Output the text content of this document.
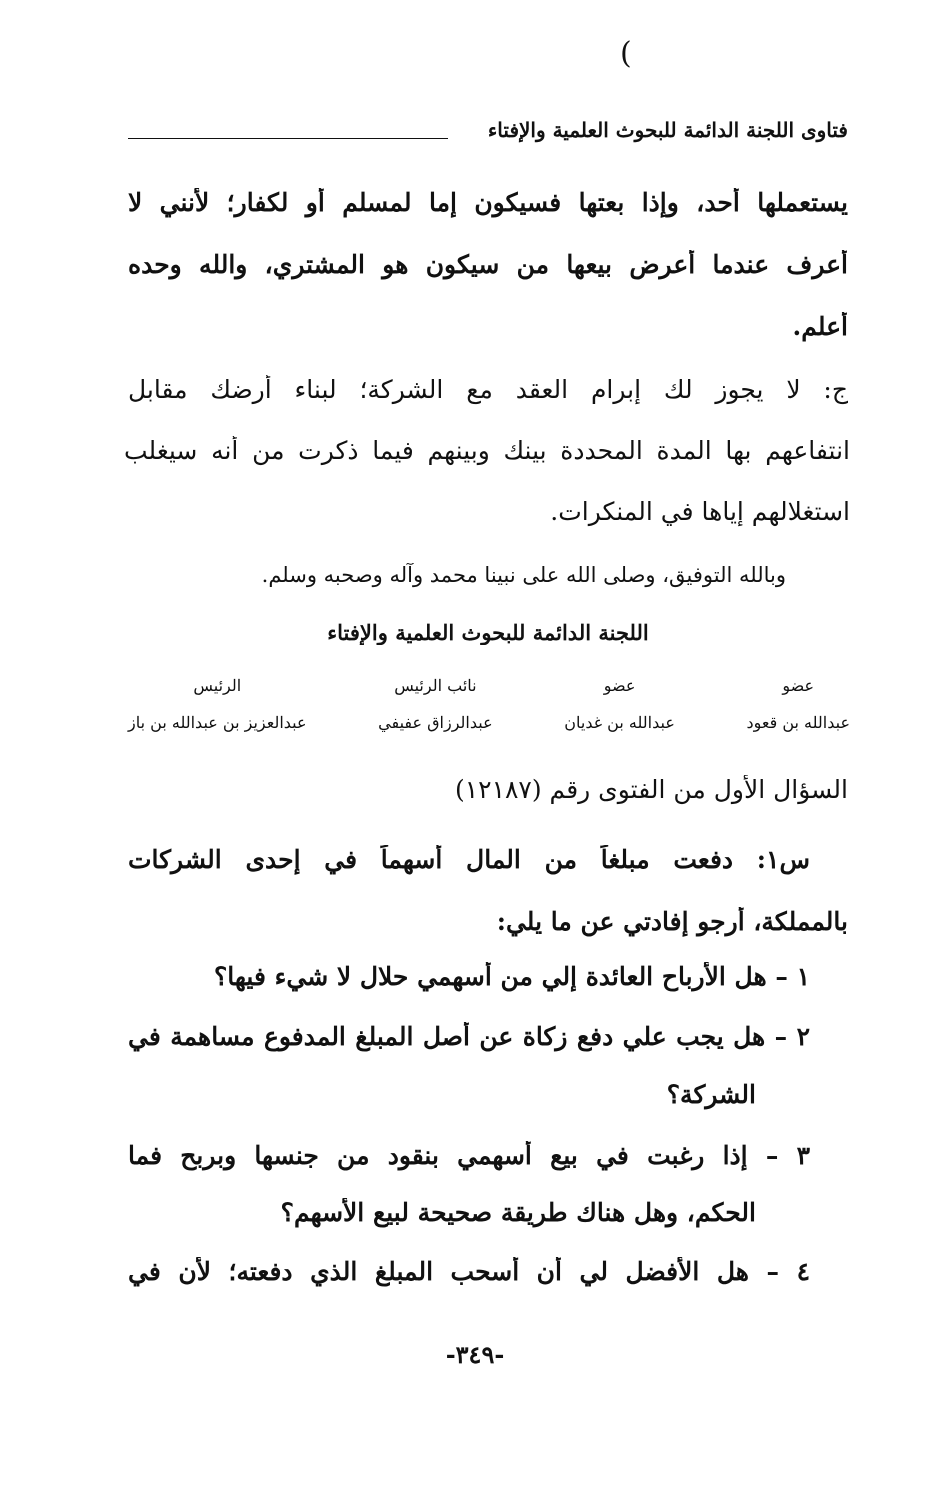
(
فتاوى اللجنة الدائمة للبحوث العلمية والإفتاء
يستعملها أحد، وإذا بعتها فسيكون إما لمسلم أو لكفار؛ لأنني لا
أعرف عندما أعرض بيعها من سيكون هو المشتري، والله وحده
أعلم.
ج: لا يجوز لك إبرام العقد مع الشركة؛ لبناء أرضك مقابل
انتفاعهم بها المدة المحددة بينك وبينهم فيما ذكرت من أنه سيغلب
استغلالهم إياها في المنكرات.
وبالله التوفيق، وصلى الله على نبينا محمد وآله وصحبه وسلم.
اللجنة الدائمة للبحوث العلمية والإفتاء
عضو
عبدالله بن قعود
عضو
عبدالله بن غديان
نائب الرئيس
عبدالرزاق عفيفي
الرئيس
عبدالعزيز بن عبدالله بن باز
السؤال الأول من الفتوى رقم (١٢١٨٧)
س١: دفعت مبلغاً من المال أسهماً في إحدى الشركات
بالمملكة، أرجو إفادتي عن ما يلي:
١ – هل الأرباح العائدة إلي من أسهمي حلال لا شيء فيها؟
٢ – هل يجب علي دفع زكاة عن أصل المبلغ المدفوع مساهمة في
الشركة؟
٣ – إذا رغبت في بيع أسهمي بنقود من جنسها وبربح فما
الحكم، وهل هناك طريقة صحيحة لبيع الأسهم؟
٤ – هل الأفضل لي أن أسحب المبلغ الذي دفعته؛ لأن في
-٣٤٩-
